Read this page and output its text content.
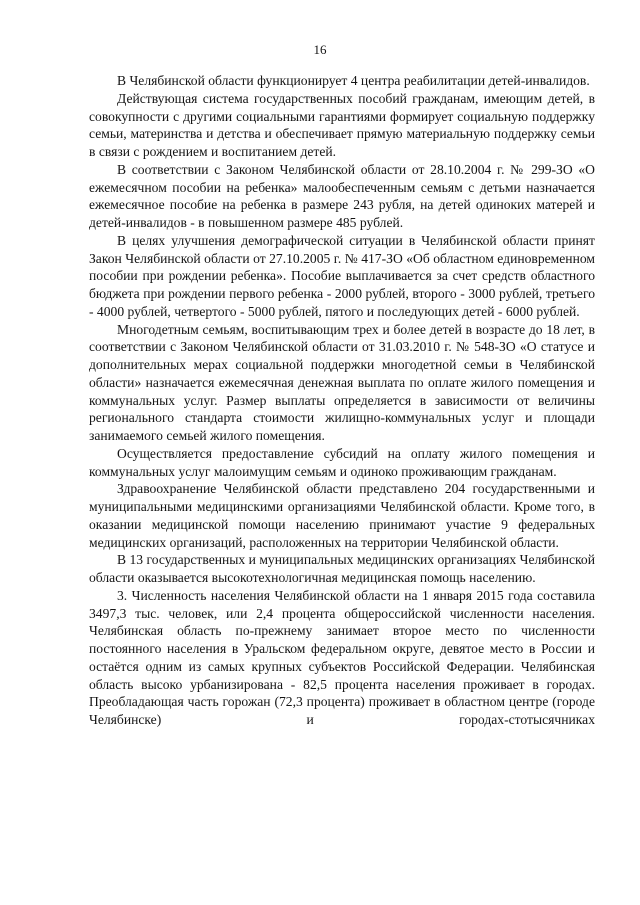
16

В Челябинской области функционирует 4 центра реабилитации детей-инвалидов.

Действующая система государственных пособий гражданам, имеющим детей, в совокупности с другими социальными гарантиями формирует социальную поддержку семьи, материнства и детства и обеспечивает прямую материальную поддержку семьи в связи с рождением и воспитанием детей.

В соответствии с Законом Челябинской области от 28.10.2004 г. № 299-ЗО «О ежемесячном пособии на ребенка» малообеспеченным семьям с детьми назначается ежемесячное пособие на ребенка в размере 243 рубля, на детей одиноких матерей и детей-инвалидов - в повышенном размере 485 рублей.

В целях улучшения демографической ситуации в Челябинской области принят Закон Челябинской области от 27.10.2005 г. № 417-ЗО «Об областном единовременном пособии при рождении ребенка». Пособие выплачивается за счет средств областного бюджета при рождении первого ребенка - 2000 рублей, второго - 3000 рублей, третьего - 4000 рублей, четвертого - 5000 рублей, пятого и последующих детей - 6000 рублей.

Многодетным семьям, воспитывающим трех и более детей в возрасте до 18 лет, в соответствии с Законом Челябинской области от 31.03.2010 г. № 548-ЗО «О статусе и дополнительных мерах социальной поддержки многодетной семьи в Челябинской области» назначается ежемесячная денежная выплата по оплате жилого помещения и коммунальных услуг. Размер выплаты определяется в зависимости от величины регионального стандарта стоимости жилищно-коммунальных услуг и площади занимаемого семьей жилого помещения.

Осуществляется предоставление субсидий на оплату жилого помещения и коммунальных услуг малоимущим семьям и одиноко проживающим гражданам.

Здравоохранение Челябинской области представлено 204 государственными и муниципальными медицинскими организациями Челябинской области. Кроме того, в оказании медицинской помощи населению принимают участие 9 федеральных медицинских организаций, расположенных на территории Челябинской области.

В 13 государственных и муниципальных медицинских организациях Челябинской области оказывается высокотехнологичная медицинская помощь населению.

3. Численность населения Челябинской области на 1 января 2015 года составила 3497,3 тыс. человек, или 2,4 процента общероссийской численности населения. Челябинская область по-прежнему занимает второе место по численности постоянного населения в Уральском федеральном округе, девятое место в России и остаётся одним из самых крупных субъектов Российской Федерации. Челябинская область высоко урбанизирована - 82,5 процента населения проживает в городах. Преобладающая часть горожан (72,3 процента) проживает в областном центре (городе Челябинске) и городах-стотысячниках
